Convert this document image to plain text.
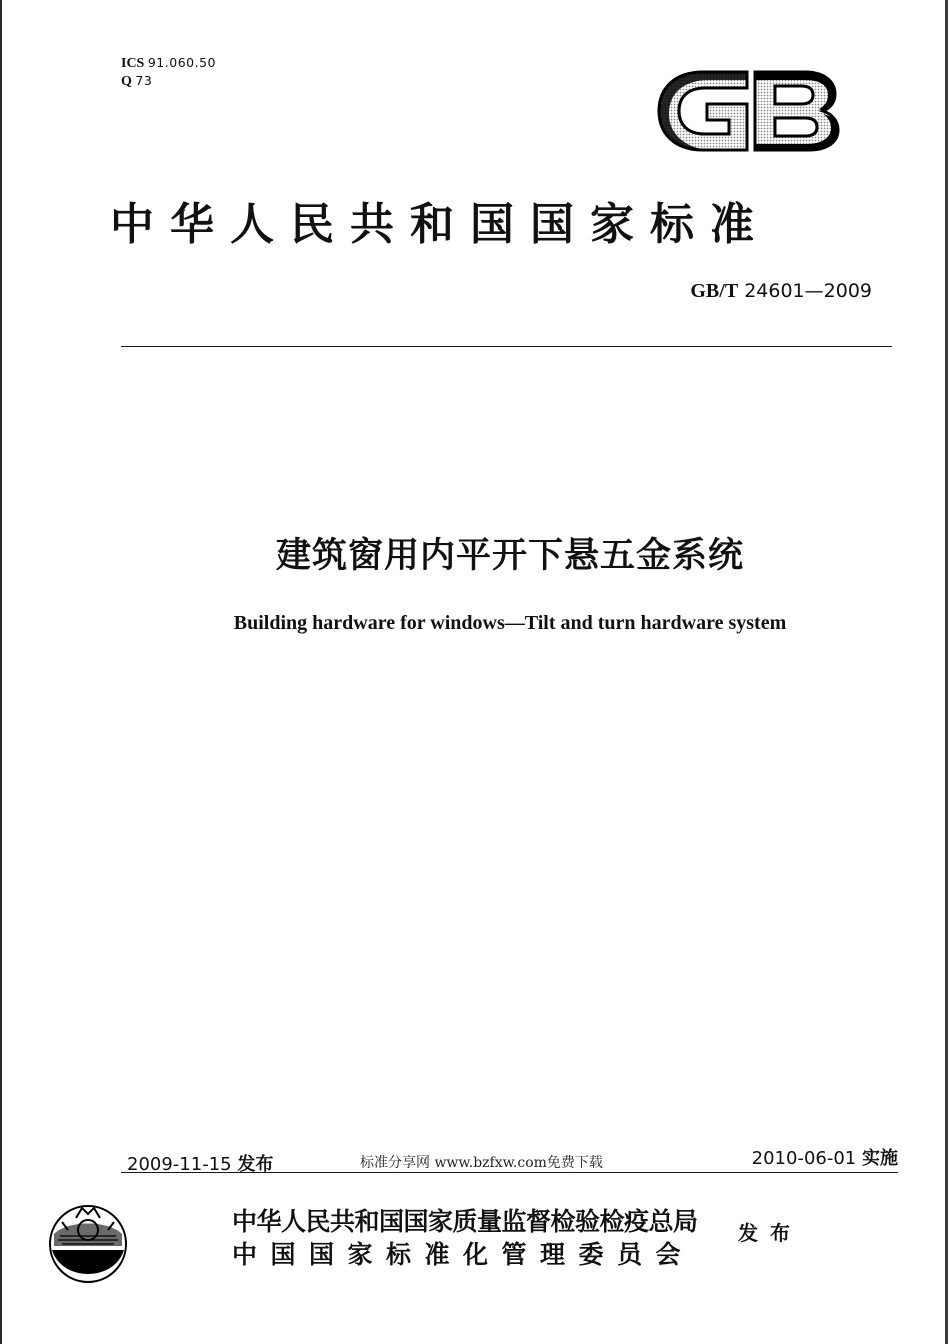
ICS 91.060.50
Q 73
中华人民共和国国家标准
GB/T 24601—2009
建筑窗用内平开下悬五金系统
Building hardware for windows—Tilt and turn hardware system
2009-11-15 发布	标准分享网 www.bzfxw.com免费下载	2010-06-01 实施
中华人民共和国国家质量监督检验检疫总局
中国国家标准化管理委员会
发布
